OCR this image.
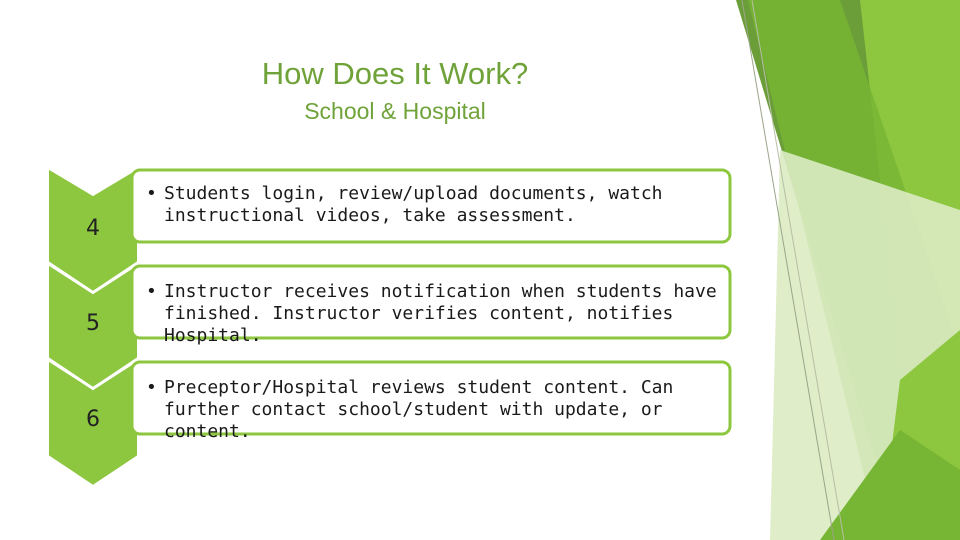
How Does It Work?
School & Hospital
4
5
6
• Students login, review/upload documents, watch instructional videos, take assessment.
• Instructor receives notification when students have finished. Instructor verifies content, notifies Hospital.
• Preceptor/Hospital reviews student content. Can further contact school/student with update, or content.
